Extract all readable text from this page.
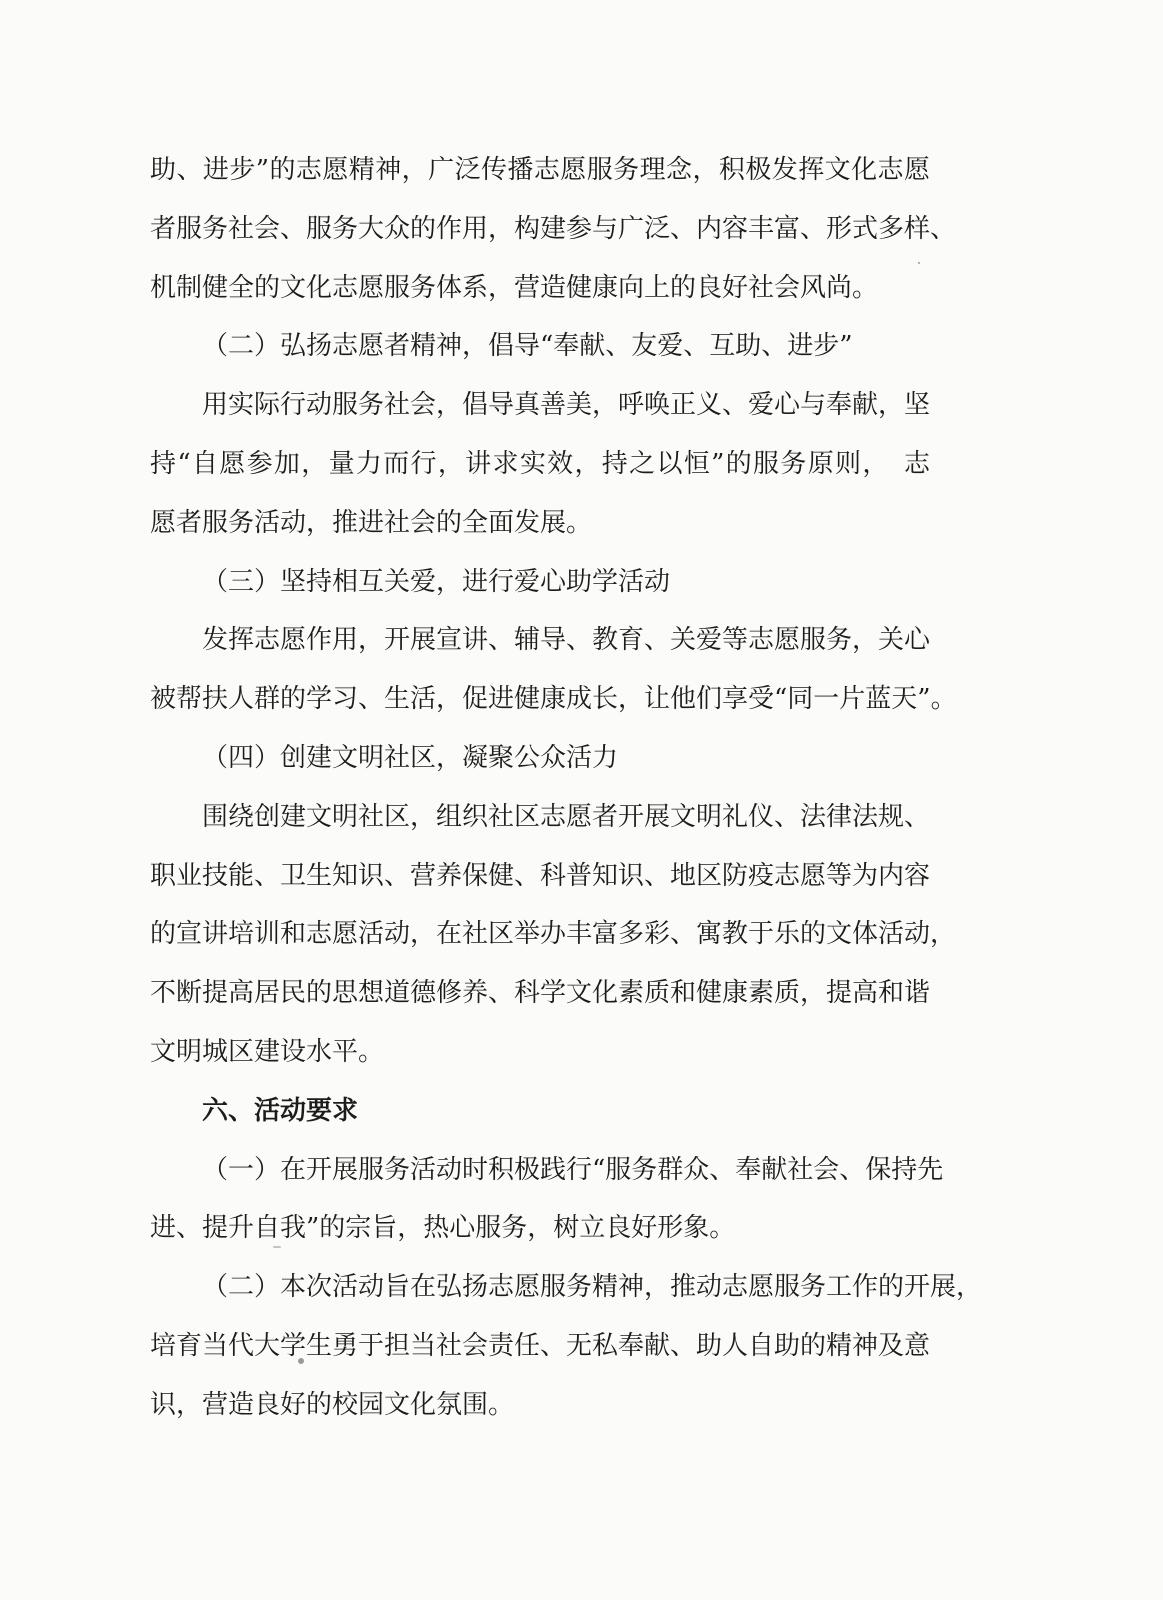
助、进步”的志愿精神，广泛传播志愿服务理念，积极发挥文化志愿
者服务社会、服务大众的作用，构建参与广泛、内容丰富、形式多样、
机制健全的文化志愿服务体系，营造健康向上的良好社会风尚。
（二）弘扬志愿者精神，倡导“奉献、友爱、互助、进步”
用实际行动服务社会，倡导真善美，呼唤正义、爱心与奉献，坚
持“自愿参加，量力而行，讲求实效，持之以恒”的服务原则，　志
愿者服务活动，推进社会的全面发展。
（三）坚持相互关爱，进行爱心助学活动
发挥志愿作用，开展宣讲、辅导、教育、关爱等志愿服务，关心
被帮扶人群的学习、生活，促进健康成长，让他们享受“同一片蓝天”。
（四）创建文明社区，凝聚公众活力
围绕创建文明社区，组织社区志愿者开展文明礼仪、法律法规、
职业技能、卫生知识、营养保健、科普知识、地区防疫志愿等为内容
的宣讲培训和志愿活动，在社区举办丰富多彩、寓教于乐的文体活动，
不断提高居民的思想道德修养、科学文化素质和健康素质，提高和谐
文明城区建设水平。
六、活动要求
（一）在开展服务活动时积极践行“服务群众、奉献社会、保持先
进、提升自我”的宗旨，热心服务，树立良好形象。
（二）本次活动旨在弘扬志愿服务精神，推动志愿服务工作的开展，
培育当代大学生勇于担当社会责任、无私奉献、助人自助的精神及意
识，营造良好的校园文化氛围。
